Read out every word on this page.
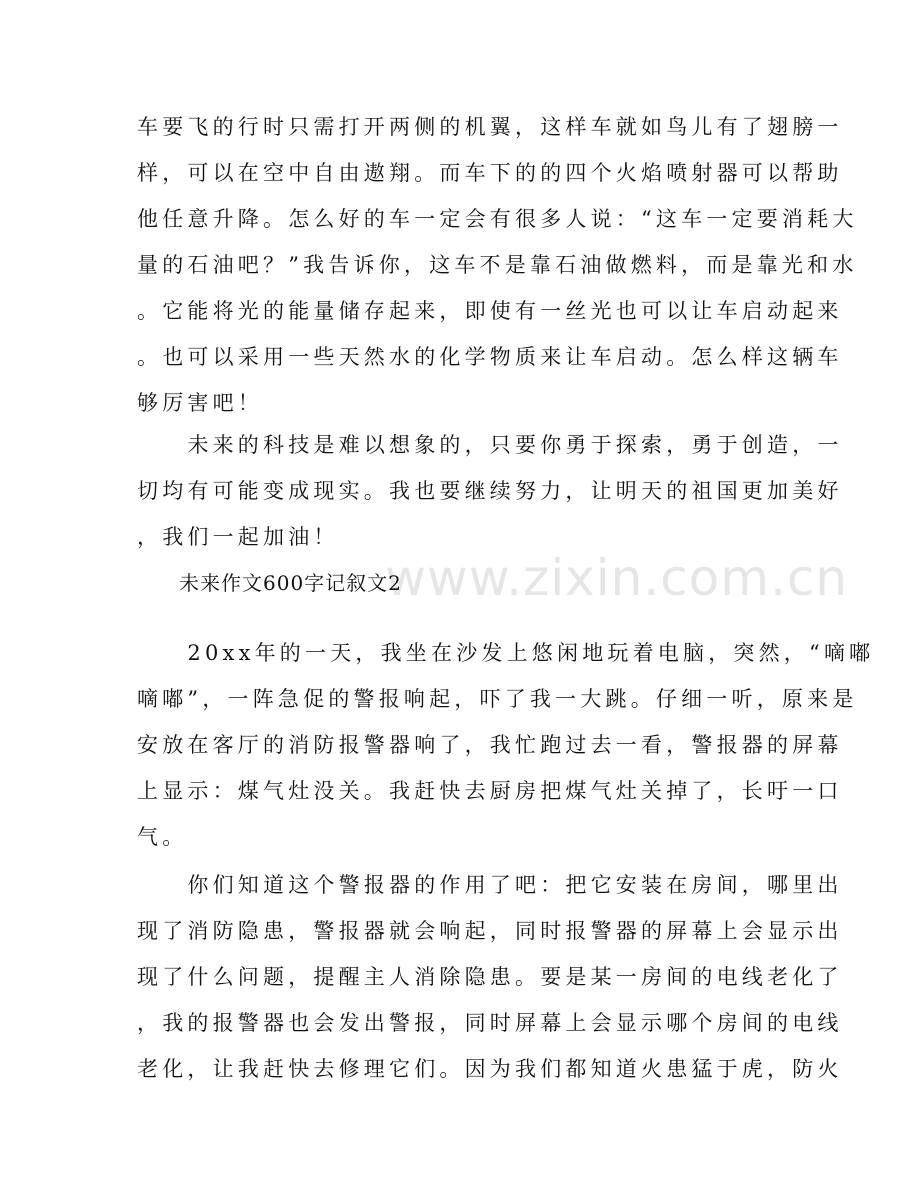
www.zixin.com.cn
车要飞的行时只需打开两侧的机翼，这样车就如鸟儿有了翅膀一
样，可以在空中自由遨翔。而车下的的四个火焰喷射器可以帮助
他任意升降。怎么好的车一定会有很多人说：“这车一定要消耗大
量的石油吧？”我告诉你，这车不是靠石油做燃料，而是靠光和水
。它能将光的能量储存起来，即使有一丝光也可以让车启动起来
。也可以采用一些天然水的化学物质来让车启动。怎么样这辆车
够厉害吧！
　　未来的科技是难以想象的，只要你勇于探索，勇于创造，一
切均有可能变成现实。我也要继续努力，让明天的祖国更加美好
，我们一起加油！
　　未来作文600字记叙文2
　　20xx年的一天，我坐在沙发上悠闲地玩着电脑，突然，“嘀嘟
嘀嘟”，一阵急促的警报响起，吓了我一大跳。仔细一听，原来是
安放在客厅的消防报警器响了，我忙跑过去一看，警报器的屏幕
上显示：煤气灶没关。我赶快去厨房把煤气灶关掉了，长吁一口
气。
　　你们知道这个警报器的作用了吧：把它安装在房间，哪里出
现了消防隐患，警报器就会响起，同时报警器的屏幕上会显示出
现了什么问题，提醒主人消除隐患。要是某一房间的电线老化了
，我的报警器也会发出警报，同时屏幕上会显示哪个房间的电线
老化，让我赶快去修理它们。因为我们都知道火患猛于虎，防火
